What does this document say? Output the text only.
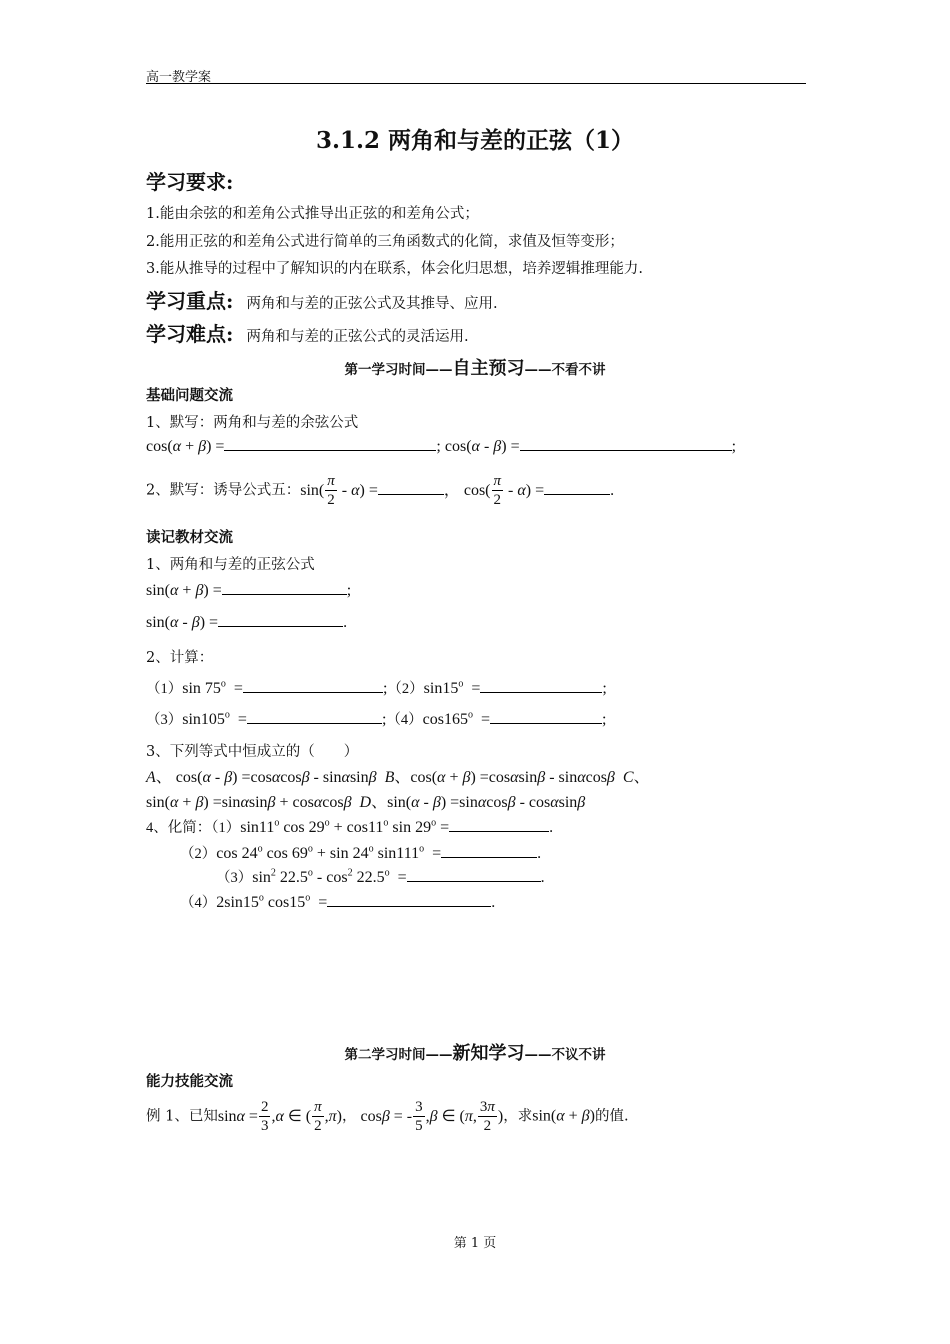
高一教学案
3.1.2 两角和与差的正弦（1）
学习要求:
1.能由余弦的和差角公式推导出正弦的和差角公式；
2.能用正弦的和差角公式进行简单的三角函数式的化简，求值及恒等变形；
3.能从推导的过程中了解知识的内在联系，体会化归思想，培养逻辑推理能力.
学习重点: 两角和与差的正弦公式及其推导、应用.
学习难点: 两角和与差的正弦公式的灵活运用.
第一学习时间——自主预习——不看不讲
基础问题交流
1、默写：两角和与差的余弦公式
cos(α + β) =	; cos(α - β) =	;
2、默写：诱导公式五：$\sin( \frac{\pi}{2} - \alpha)$ =	， $\cos( \frac{\pi}{2} - \alpha)$ =	.
读记教材交流
1、两角和与差的正弦公式
sin(α + β) =	;
sin(α - β) =	.
2、计算：
（1）sin 75$^o$  =	$;(2)\sin 15^o$  =	;
（3）sin105$^o$  =	$;(4)\cos 165^o$  =	;
3、下列等式中恒成立的（　　）
A、 cos(α - β) =cosαcosβ - sinαsinβ B、cos(α + β) =cosαsinβ - sinαcosβ C、
sin(α + β) =sinαsinβ + cosαcosβ D、sin(α - β) =sinαcosβ - cosαsinβ
4、化简：（1）sin11$^o$ $\cos 29^o + \cos 11^o$ $\sin 29^o$ =	.
（2）cos 24$^o$ $\cos 69^o + \sin 24^o$ sin111$^o$  =	.
$(3)\sin^2$ $22.5^o - \cos^2 22.5^o$  =	.
（4）2sin15$^o$ cos15$^o$  =	.
第二学习时间——新知学习——不议不讲
能力技能交流
例 1、已知$\sin\alpha = \frac{2}{3} ,\alpha$ ∈ ( $\frac{\pi}{2} ,\pi$)， cosβ = - $\frac{3}{5} ,\beta$ ∈ (π, $\frac{3\pi}{2}$ )，求sin(α + β)的值.
第 1 页
